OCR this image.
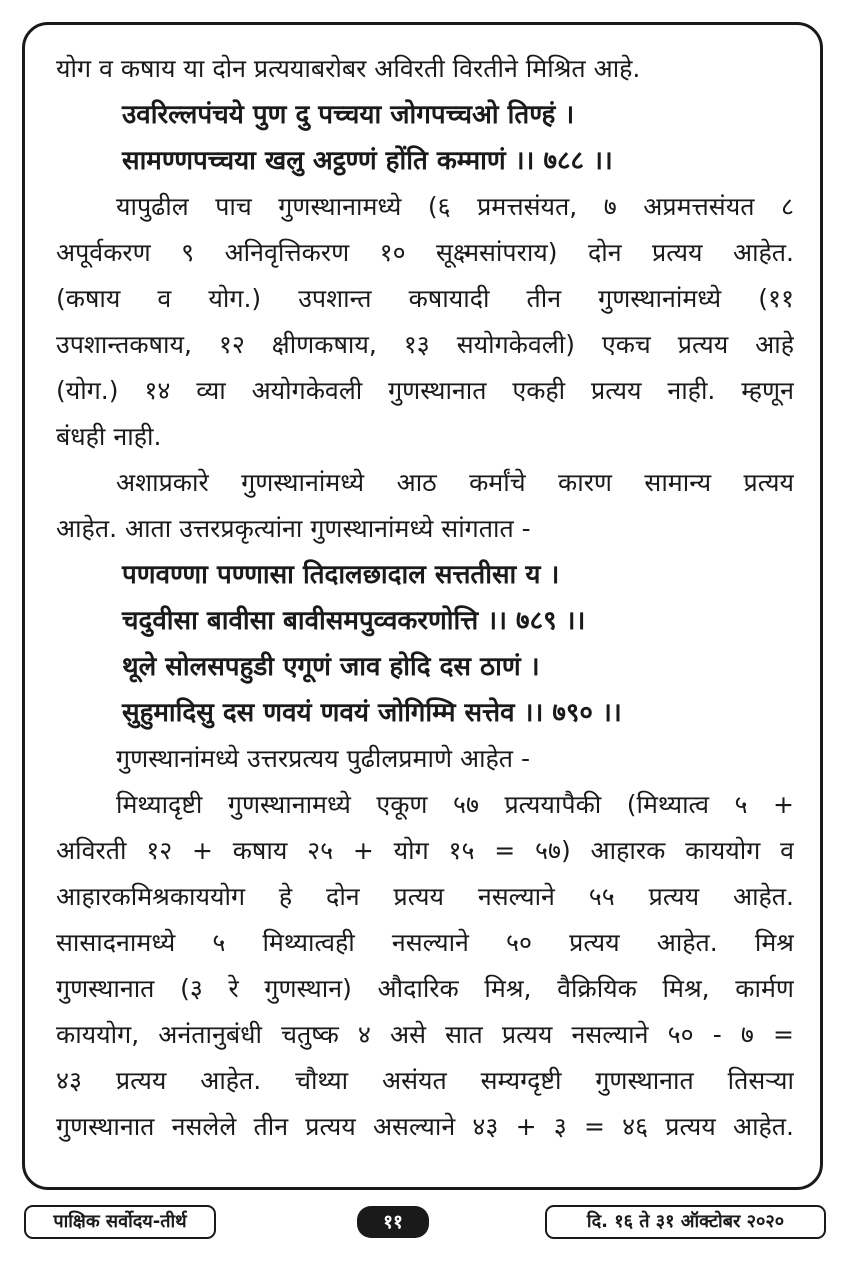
योग व कषाय या दोन प्रत्ययाबरोबर अविरती विरतीने मिश्रित आहे.
उवरिल्लपंचये पुण दु पच्चया जोगपच्चओ तिण्हं ।
सामण्णपच्चया खलु अट्ठण्णं होंति कम्माणं ।। ७८८ ।।
यापुढील पाच गुणस्थानामध्ये (६ प्रमत्तसंयत, ७ अप्रमत्तसंयत ८
अपूर्वकरण ९ अनिवृत्तिकरण १० सूक्ष्मसांपराय) दोन प्रत्यय आहेत.
(कषाय व योग.) उपशान्त कषायादी तीन गुणस्थानांमध्ये (११
उपशान्तकषाय, १२ क्षीणकषाय, १३ सयोगकेवली) एकच प्रत्यय आहे
(योग.) १४ व्या अयोगकेवली गुणस्थानात एकही प्रत्यय नाही. म्हणून
बंधही नाही.
अशाप्रकारे गुणस्थानांमध्ये आठ कर्मांचे कारण सामान्य प्रत्यय
आहेत. आता उत्तरप्रकृत्यांना गुणस्थानांमध्ये सांगतात -
पणवण्णा पण्णासा तिदालछादाल सत्ततीसा य ।
चदुवीसा बावीसा बावीसमपुव्वकरणोत्ति ।। ७८९ ।।
थूले सोलसपहुडी एगूणं जाव होदि दस ठाणं ।
सुहुमादिसु दस णवयं णवयं जोगिम्मि सत्तेव ।। ७९० ।।
गुणस्थानांमध्ये उत्तरप्रत्यय पुढीलप्रमाणे आहेत -
मिथ्यादृष्टी गुणस्थानामध्ये एकूण ५७ प्रत्ययापैकी (मिथ्यात्व ५ +
अविरती १२ + कषाय २५ + योग १५ = ५७) आहारक काययोग व
आहारकमिश्रकाययोग हे दोन प्रत्यय नसल्याने ५५ प्रत्यय आहेत.
सासादनामध्ये ५ मिथ्यात्वही नसल्याने ५० प्रत्यय आहेत. मिश्र
गुणस्थानात (३ रे गुणस्थान) औदारिक मिश्र, वैक्रियिक मिश्र, कार्मण
काययोग, अनंतानुबंधी चतुष्क ४ असे सात प्रत्यय नसल्याने ५० - ७ =
४३ प्रत्यय आहेत. चौथ्या असंयत सम्यग्दृष्टी गुणस्थानात तिसऱ्या
गुणस्थानात नसलेले तीन प्रत्यय असल्याने ४३ + ३ = ४६ प्रत्यय आहेत.
पाक्षिक सर्वोदय-तीर्थ	११	दि. १६ ते ३१ ऑक्टोबर २०२०
